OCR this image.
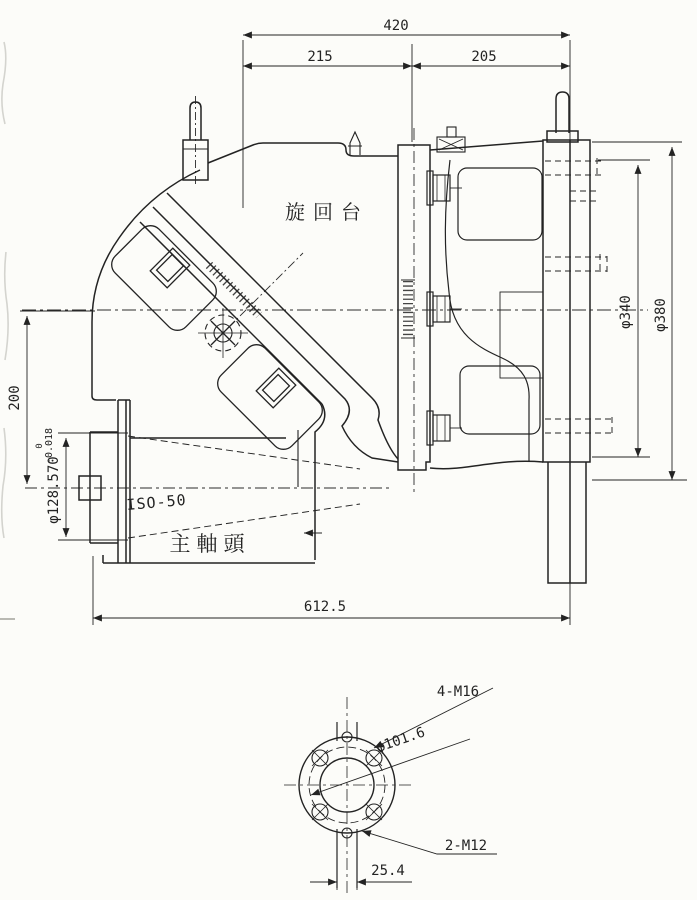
420
215	205
φ340 φ380
200
φ128.570
0 -0.018
612.5
旋回台
主軸頭
ISO-50
4-M16
φ101.6
2-M12
25.4
